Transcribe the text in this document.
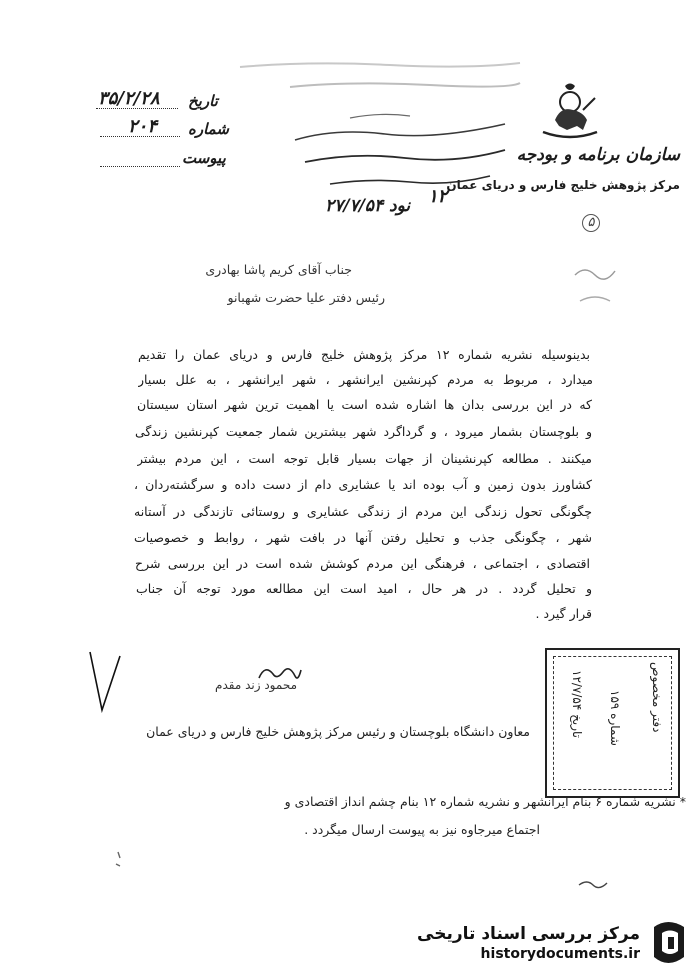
سازمان برنامه و بودجه
مرکز پژوهش خلیج فارس و دریای عمان
تاریخ
۳۵/۲/۲۸
شماره
۲۰۴
پیوست
۱۲
نود ۲۷/۷/۵۴
۵
جناب آقای کریم پاشا بهادری
رئیس دفتر علیا حضرت شهبانو
بدینوسیله نشریه شماره ۱۲ مرکز پژوهش خلیج فارس و دریای عمان را تقدیم
میدارد ، مربوط به مردم کپرنشین ایرانشهر ، شهر ایرانشهر ، به علل بسیار
که در این بررسی بدان ها اشاره شده است یا اهمیت ترین شهر استان سیستان
و بلوچستان بشمار میرود ، و گرداگرد شهر بیشترین شمار جمعیت کپرنشین زندگی
میکنند . مطالعه کپرنشینان از جهات بسیار قابل توجه است ، این مردم بیشتر
کشاورز بدون زمین و آب بوده اند یا عشایری دام از دست داده و سرگشته‌ردان ،
چگونگی تحول زندگی این مردم از زندگی عشایری و روستائی تازندگی در آستانه
شهر ، چگونگی جذب و تحلیل رفتن آنها در بافت شهر ، روابط و خصوصیات
اقتصادی ، اجتماعی ، فرهنگی این مردم کوشش شده است در این بررسی شرح
و تحلیل گردد . در هر حال ، امید است این مطالعه مورد توجه آن جناب
قرار گیرد .
محمود زند مقدم
معاون دانشگاه بلوچستان و رئیس مرکز پژوهش خلیج فارس و دریای عمان	دفتر مخصوص
شماره ۱۵۹
تاریخ ۱۲/۷/۵۴
* نشریه شماره ۶ بنام ایرانشهر و نشریه شماره ۱۲ بنام چشم انداز اقتصادی و
اجتماع میرجاوه نیز به پیوست ارسال میگردد .
مرکز بررسی اسناد تاریخی
historydocuments.ir
